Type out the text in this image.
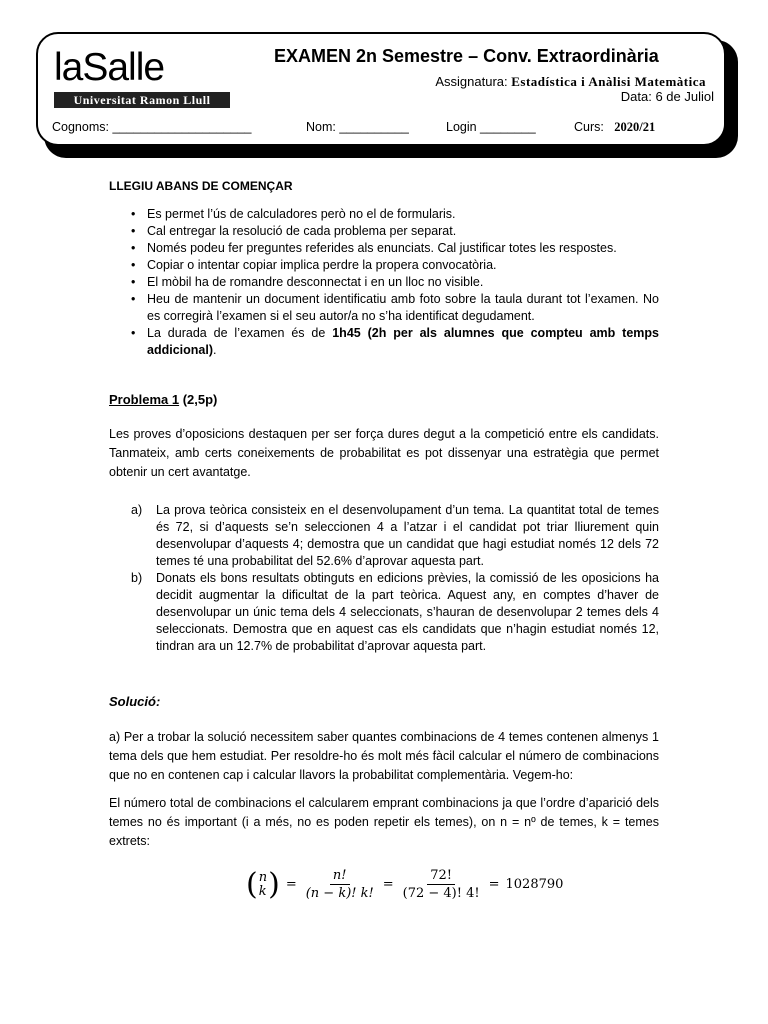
laSalle
Universitat Ramon Llull
EXAMEN 2n Semestre – Conv. Extraordinària
Assignatura: Estadística i Anàlisi Matemàtica
Data: 6 de Juliol
Cognoms: ____________________	Nom: __________	Login ________	Curs: 2020/21
LLEGIU ABANS DE COMENÇAR
• Es permet l’ús de calculadores però no el de formularis.
• Cal entregar la resolució de cada problema per separat.
• Només podeu fer preguntes referides als enunciats. Cal justificar totes les respostes.
• Copiar o intentar copiar implica perdre la propera convocatòria.
• El mòbil ha de romandre desconnectat i en un lloc no visible.
• Heu de mantenir un document identificatiu amb foto sobre la taula durant tot l’examen. No es corregirà l’examen si el seu autor/a no s’ha identificat degudament.
• La durada de l’examen és de 1h45 (2h per als alumnes que compteu amb temps addicional).
Problema 1 (2,5p)

Les proves d’oposicions destaquen per ser força dures degut a la competició entre els candidats. Tanmateix, amb certs coneixements de probabilitat es pot dissenyar una estratègia que permet obtenir un cert avantatge.

a) La prova teòrica consisteix en el desenvolupament d’un tema. La quantitat total de temes és 72, si d’aquests se’n seleccionen 4 a l’atzar i el candidat pot triar lliurement quin desenvolupar d’aquests 4; demostra que un candidat que hagi estudiat només 12 dels 72 temes té una probabilitat del 52.6% d’aprovar aquesta part.
b) Donats els bons resultats obtinguts en edicions prèvies, la comissió de les oposicions ha decidit augmentar la dificultat de la part teòrica. Aquest any, en comptes d’haver de desenvolupar un únic tema dels 4 seleccionats, s’hauran de desenvolupar 2 temes dels 4 seleccionats. Demostra que en aquest cas els candidats que n’hagin estudiat només 12, tindran ara un 12.7% de probabilitat d’aprovar aquesta part.
Solució:

a) Per a trobar la solució necessitem saber quantes combinacions de 4 temes contenen almenys 1 tema dels que hem estudiat. Per resoldre-ho és molt més fàcil calcular el número de combinacions que no en contenen cap i calcular llavors la probabilitat complementària. Vegem-ho:

El número total de combinacions el calcularem emprant combinacions ja que l’ordre d’aparició dels temes no és important (i a més, no es poden repetir els temes), on n = nº de temes, k = temes extrets:

( n
k ) = $\frac{n!}{(n - k)! k!} = \frac{72!}{(72 - 4)! 4!} = 1028790$
